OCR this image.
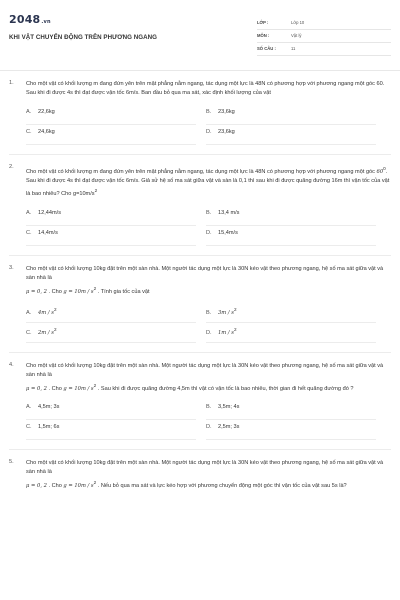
2048.vn
KHI VẬT CHUYỂN ĐỘNG TRÊN PHƯƠNG NGANG
LỚP :	Lớp 10
MÔN :	Vật lý
SỐ CÂU :	11
1. Cho một vật có khối lượng m đang đứn yên trên mặt phẳng nằm ngang, tác dụng một lực là 48N có phương hợp với phương ngang một góc 60. Sau khi đi được 4s thì đạt được vận tốc 6m/s. Ban đầu bỏ qua ma sát, xác định khối lượng của vật
A. 22,6kg	B. 23,6kg
C. 24,6kg	D. 23,6kg
2.
Cho một vật có khối lượng m đang đứn yên trên mặt phẳng nằm ngang, tác dụng một lực là 48N có phương hợp với phương ngang một góc $60^0$. Sau khi đi được 4s thì đạt được vận tốc 6m/s. Giả sử hệ số ma sát giữa vật và sàn là 0,1 thì sau khi đi được quãng đường 16m thì vận tốc của vật là bao nhiêu? Cho $g=10m/s^2$
A. 12,44m/s	B. 13,4 m/s
C. 14,4m/s	D. 15,4m/s
3. Cho một vật có khối lượng 10kg đặt trên một sàn nhà. Một người tác dụng một lực là 30N kéo vật theo phương ngang, hệ số ma sát giữa vật và sàn nhà là
μ = 0, 2 . Cho $g = 10m / s^2$ . Tính gia tốc của vật
A. $4m / s^2$
B. $3m / s^2$
C. $2m / s^2$
D. $1m / s^2$
4. Cho một vật có khối lượng 10kg đặt trên một sàn nhà. Một người tác dụng một lực là 30N kéo vật theo phương ngang, hệ số ma sát giữa vật và sàn nhà là
μ = 0, 2 . Cho $g = 10m / s^2$ . Sau khi đi được quãng đường 4,5m thì vật có vận tốc là bao nhiêu, thời gian đi hết quãng đường đó ?
A. 4,5m; 3s	B. 3,5m; 4s
C. 1,5m; 6s	D. 2,5m; 3s
5. Cho một vật có khối lượng 10kg đặt trên một sàn nhà. Một người tác dụng một lực là 30N kéo vật theo phương ngang, hệ số ma sát giữa vật và sàn nhà là
μ = 0, 2 . Cho $g = 10m / s^2$ . Nếu bỏ qua ma sát và lực kéo hợp với phương chuyển động một góc thì vận tốc của vật sau 5s là?
